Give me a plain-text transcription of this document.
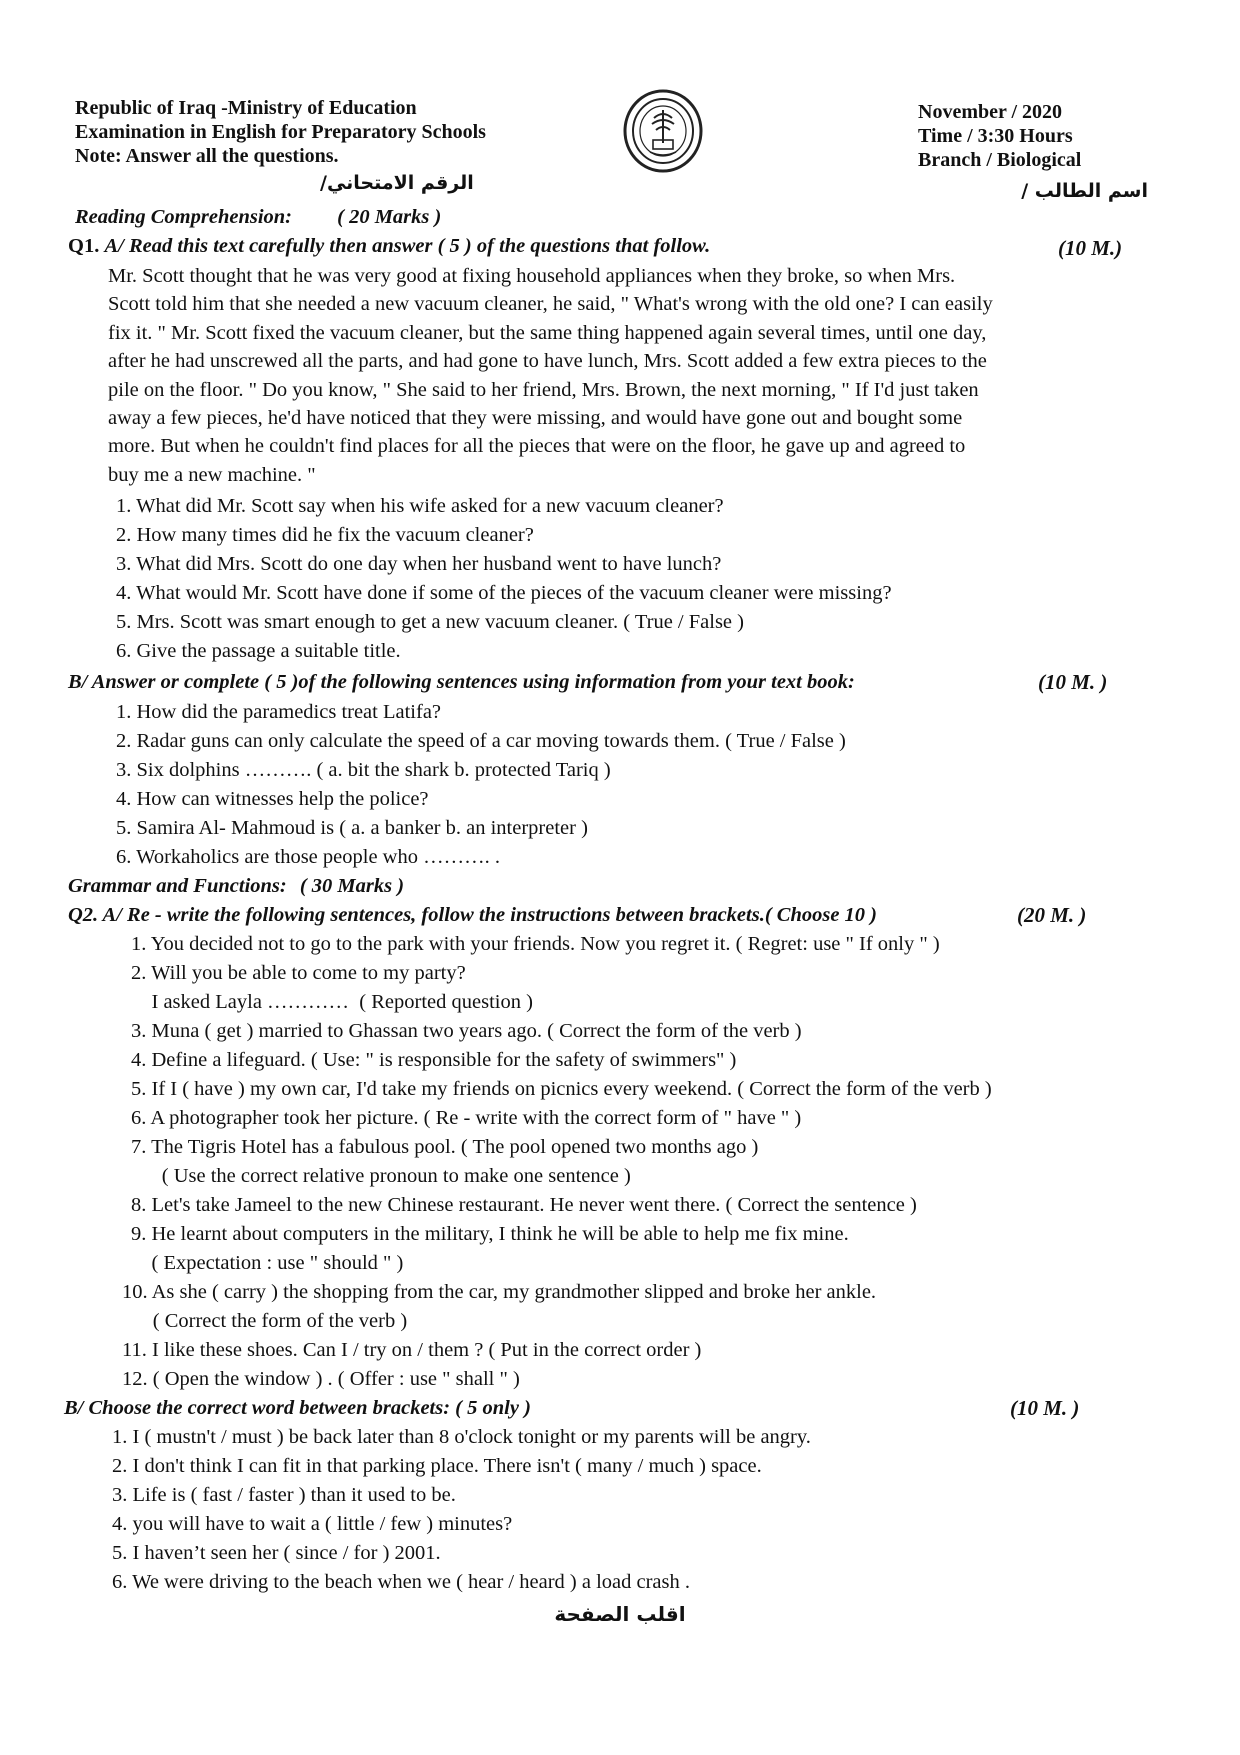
Republic of Iraq -Ministry of Education
Examination in English for Preparatory Schools
Note: Answer all the questions.
November / 2020
Time / 3:30 Hours
Branch / Biological
الرقم الامتحاني/	اسم الطالب /
Reading Comprehension: ( 20 Marks )
Q1. A/ Read this text carefully then answer ( 5 ) of the questions that follow.	(10 M.)
Mr. Scott thought that he was very good at fixing household appliances when they broke, so when Mrs.
Scott told him that she needed a new vacuum cleaner, he said, " What's wrong with the old one? I can easily
fix it. " Mr. Scott fixed the vacuum cleaner, but the same thing happened again several times, until one day,
after he had unscrewed all the parts, and had gone to have lunch, Mrs. Scott added a few extra pieces to the
pile on the floor. " Do you know, " She said to her friend, Mrs. Brown, the next morning, " If I'd just taken
away a few pieces, he'd have noticed that they were missing, and would have gone out and bought some
more. But when he couldn't find places for all the pieces that were on the floor, he gave up and agreed to
buy me a new machine. "
1. What did Mr. Scott say when his wife asked for a new vacuum cleaner?
2. How many times did he fix the vacuum cleaner?
3. What did Mrs. Scott do one day when her husband went to have lunch?
4. What would Mr. Scott have done if some of the pieces of the vacuum cleaner were missing?
5. Mrs. Scott was smart enough to get a new vacuum cleaner. ( True / False )
6. Give the passage a suitable title.
B/ Answer or complete ( 5 )of the following sentences using information from your text book:	(10 M. )
1. How did the paramedics treat Latifa?
2. Radar guns can only calculate the speed of a car moving towards them. ( True / False )
3. Six dolphins ………. ( a. bit the shark b. protected Tariq )
4. How can witnesses help the police?
5. Samira Al- Mahmoud is ( a. a banker b. an interpreter )
6. Workaholics are those people who ………. .
Grammar and Functions: ( 30 Marks )
Q2. A/ Re - write the following sentences, follow the instructions between brackets.( Choose 10 )	(20 M. )
1. You decided not to go to the park with your friends. Now you regret it. ( Regret: use " If only " )
2. Will you be able to come to my party?
I asked Layla …………  ( Reported question )
3. Muna ( get ) married to Ghassan two years ago. ( Correct the form of the verb )
4. Define a lifeguard. ( Use: " is responsible for the safety of swimmers" )
5. If I ( have ) my own car, I'd take my friends on picnics every weekend. ( Correct the form of the verb )
6. A photographer took her picture. ( Re - write with the correct form of " have " )
7. The Tigris Hotel has a fabulous pool. ( The pool opened two months ago )
( Use the correct relative pronoun to make one sentence )
8. Let's take Jameel to the new Chinese restaurant. He never went there. ( Correct the sentence )
9. He learnt about computers in the military, I think he will be able to help me fix mine.
( Expectation : use " should " )
10. As she ( carry ) the shopping from the car, my grandmother slipped and broke her ankle.
( Correct the form of the verb )
11. I like these shoes. Can I / try on / them ? ( Put in the correct order )
12. ( Open the window ) . ( Offer : use " shall " )
B/ Choose the correct word between brackets: ( 5 only )	(10 M. )
1. I ( mustn't / must ) be back later than 8 o'clock tonight or my parents will be angry.
2. I don't think I can fit in that parking place. There isn't ( many / much ) space.
3. Life is ( fast / faster ) than it used to be.
4. you will have to wait a ( little / few ) minutes?
5. I haven’t seen her ( since / for ) 2001.
6. We were driving to the beach when we ( hear / heard ) a load crash .
اقلب الصفحة
